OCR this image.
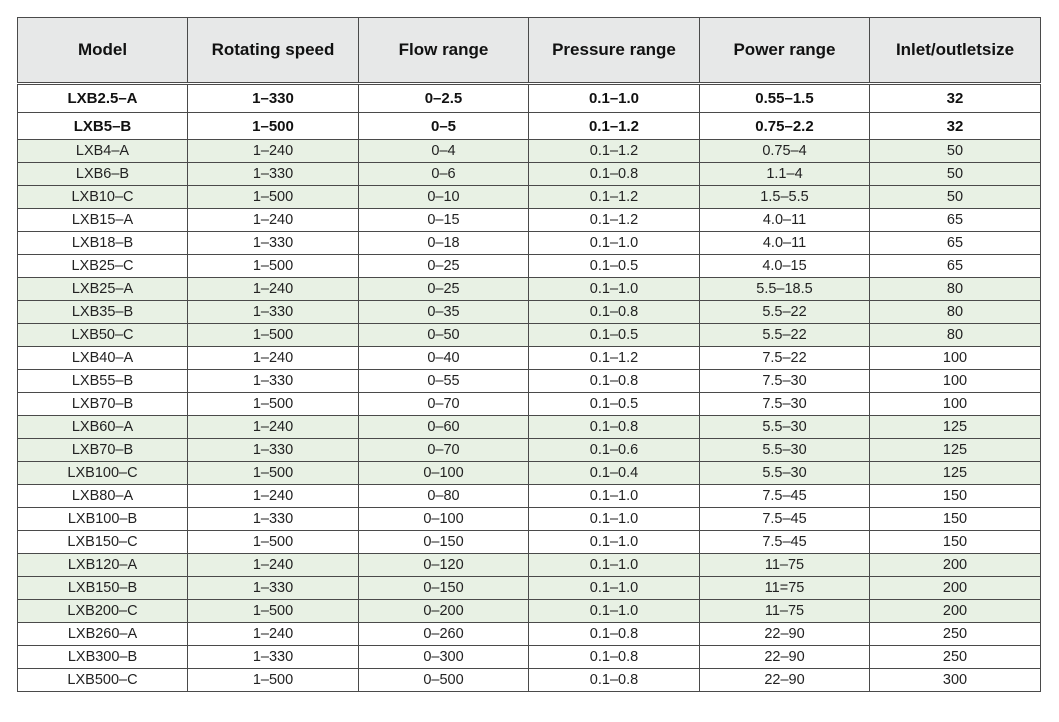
Model	Rotating speed	Flow range	Pressure range	Power range	Inlet/outletsize
LXB2.5–A	1–330	0–2.5	0.1–1.0	0.55–1.5	32
LXB5–B	1–500	0–5	0.1–1.2	0.75–2.2	32
LXB4–A	1–240	0–4	0.1–1.2	0.75–4	50
LXB6–B	1–330	0–6	0.1–0.8	1.1–4	50
LXB10–C	1–500	0–10	0.1–1.2	1.5–5.5	50
LXB15–A	1–240	0–15	0.1–1.2	4.0–11	65
LXB18–B	1–330	0–18	0.1–1.0	4.0–11	65
LXB25–C	1–500	0–25	0.1–0.5	4.0–15	65
LXB25–A	1–240	0–25	0.1–1.0	5.5–18.5	80
LXB35–B	1–330	0–35	0.1–0.8	5.5–22	80
LXB50–C	1–500	0–50	0.1–0.5	5.5–22	80
LXB40–A	1–240	0–40	0.1–1.2	7.5–22	100
LXB55–B	1–330	0–55	0.1–0.8	7.5–30	100
LXB70–B	1–500	0–70	0.1–0.5	7.5–30	100
LXB60–A	1–240	0–60	0.1–0.8	5.5–30	125
LXB70–B	1–330	0–70	0.1–0.6	5.5–30	125
LXB100–C	1–500	0–100	0.1–0.4	5.5–30	125
LXB80–A	1–240	0–80	0.1–1.0	7.5–45	150
LXB100–B	1–330	0–100	0.1–1.0	7.5–45	150
LXB150–C	1–500	0–150	0.1–1.0	7.5–45	150
LXB120–A	1–240	0–120	0.1–1.0	11–75	200
LXB150–B	1–330	0–150	0.1–1.0	11=75	200
LXB200–C	1–500	0–200	0.1–1.0	11–75	200
LXB260–A	1–240	0–260	0.1–0.8	22–90	250
LXB300–B	1–330	0–300	0.1–0.8	22–90	250
LXB500–C	1–500	0–500	0.1–0.8	22–90	300
